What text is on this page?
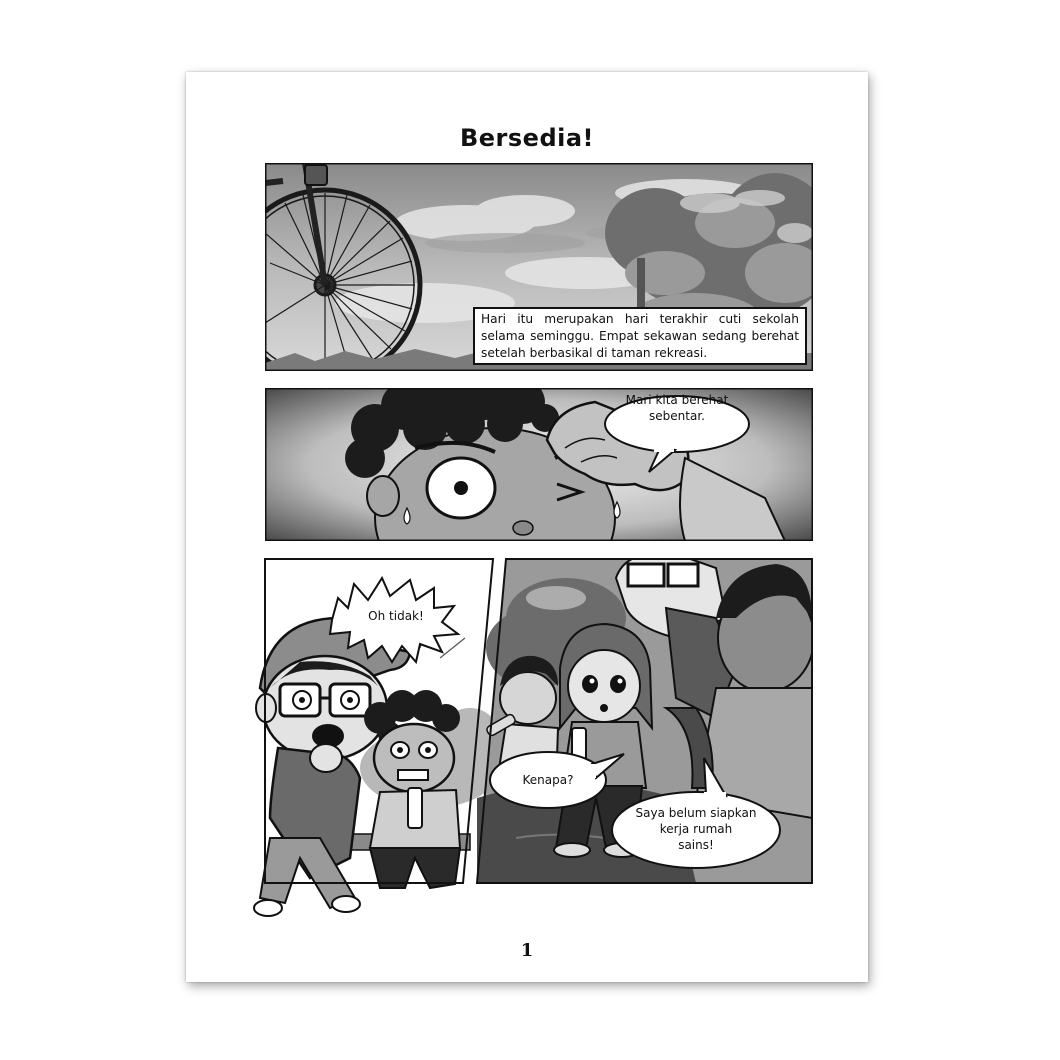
Bersedia!
Hari itu merupakan hari terakhir cuti sekolah selama seminggu. Empat sekawan sedang berehat setelah berbasikal di taman rekreasi.
Mari kita berehat
sebentar.
Oh tidak!
Kenapa?
Saya belum siapkan
kerja rumah
sains!
1
